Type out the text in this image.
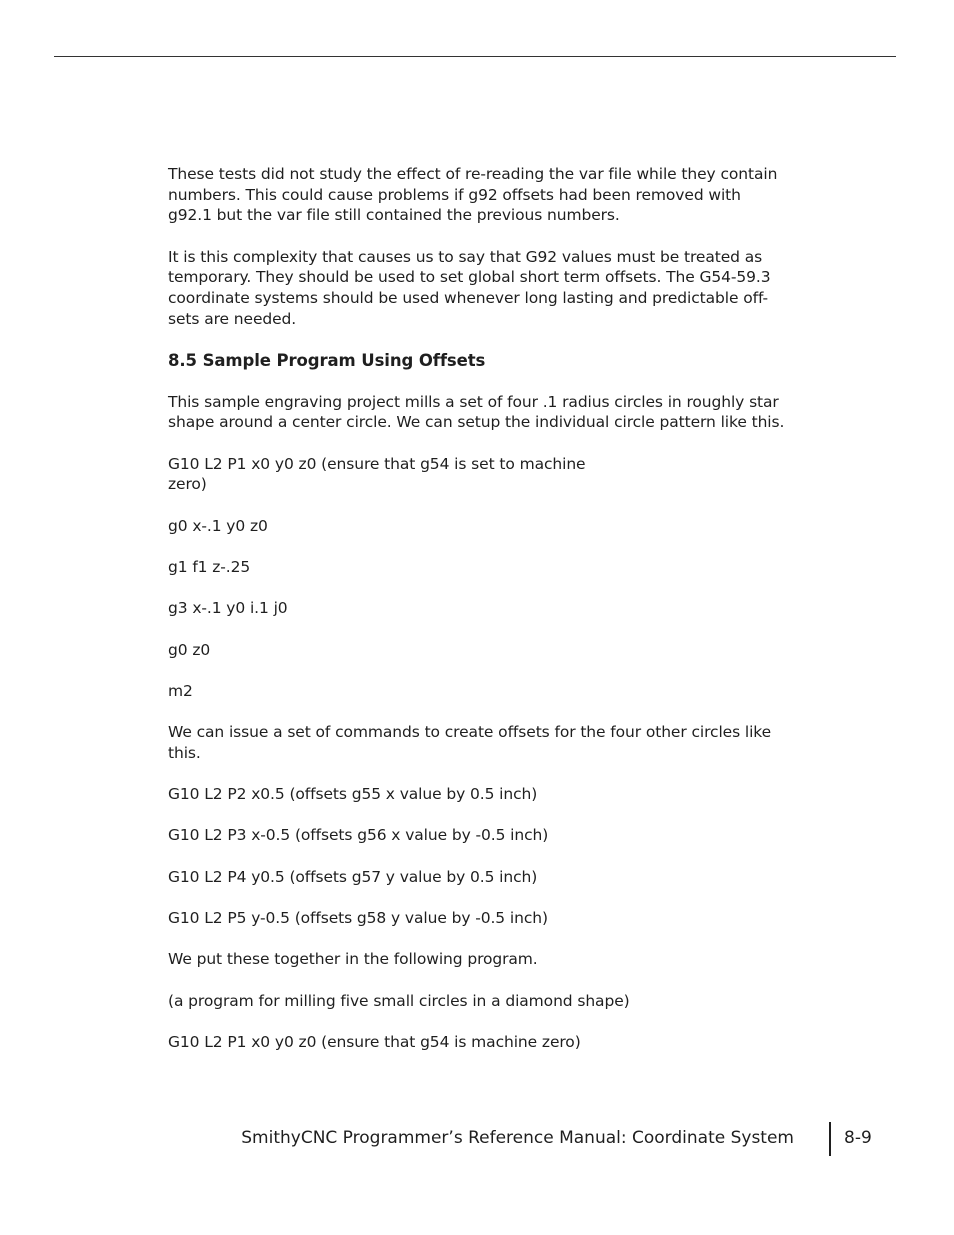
These tests did not study the effect of re-reading the var file while they contain
numbers. This could cause problems if g92 offsets had been removed with
g92.1 but the var file still contained the previous numbers.

It is this complexity that causes us to say that G92 values must be treated as
temporary. They should be used to set global short term offsets. The G54-59.3
coordinate systems should be used whenever long lasting and predictable off-
sets are needed.

8.5 Sample Program Using Offsets

This sample engraving project mills a set of four .1 radius circles in roughly star
shape around a center circle. We can setup the individual circle pattern like this.

G10 L2 P1 x0 y0 z0 (ensure that g54 is set to machine
zero)

g0 x-.1 y0 z0

g1 f1 z-.25

g3 x-.1 y0 i.1 j0

g0 z0

m2

We can issue a set of commands to create offsets for the four other circles like
this.

G10 L2 P2 x0.5 (offsets g55 x value by 0.5 inch)

G10 L2 P3 x-0.5 (offsets g56 x value by -0.5 inch)

G10 L2 P4 y0.5 (offsets g57 y value by 0.5 inch)

G10 L2 P5 y-0.5 (offsets g58 y value by -0.5 inch)

We put these together in the following program.

(a program for milling five small circles in a diamond shape)

G10 L2 P1 x0 y0 z0 (ensure that g54 is machine zero)

SmithyCNC Programmer’s Reference Manual: Coordinate System	8-9
